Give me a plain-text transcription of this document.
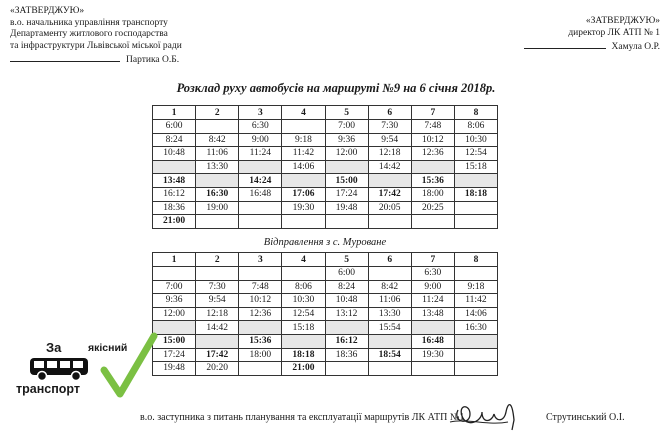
«ЗАТВЕРДЖУЮ»
в.о. начальника управління транспорту
Департаменту житлового господарства
та інфраструктури Львівської міської ради
Партика О.Б.
«ЗАТВЕРДЖУЮ»
директор ЛК АТП № 1
Хамула О.Р.
Розклад руху автобусів на маршруті №9 на 6 січня 2018р.
1	2	3	4	5	6	7	8
6:00		6:30		7:00	7:30	7:48	8:06
8:24	8:42	9:00	9:18	9:36	9:54	10:12	10:30
10:48	11:06	11:24	11:42	12:00	12:18	12:36	12:54
	13:30		14:06		14:42		15:18
13:48		14:24		15:00		15:36	
16:12	16:30	16:48	17:06	17:24	17:42	18:00	18:18
18:36	19:00		19:30	19:48	20:05	20:25	
21:00							
Відправлення з с. Муроване
1	2	3	4	5	6	7	8
				6:00		6:30	
7:00	7:30	7:48	8:06	8:24	8:42	9:00	9:18
9:36	9:54	10:12	10:30	10:48	11:06	11:24	11:42
12:00	12:18	12:36	12:54	13:12	13:30	13:48	14:06
	14:42		15:18		15:54		16:30
15:00		15:36		16:12		16:48	
17:24	17:42	18:00	18:18	18:36	18:54	19:30	
19:48	20:20		21:00				
За	якісний
транспорт
в.о. заступника з питань планування та експлуатації маршрутів ЛК АТП №1	Струтинський О.І.
